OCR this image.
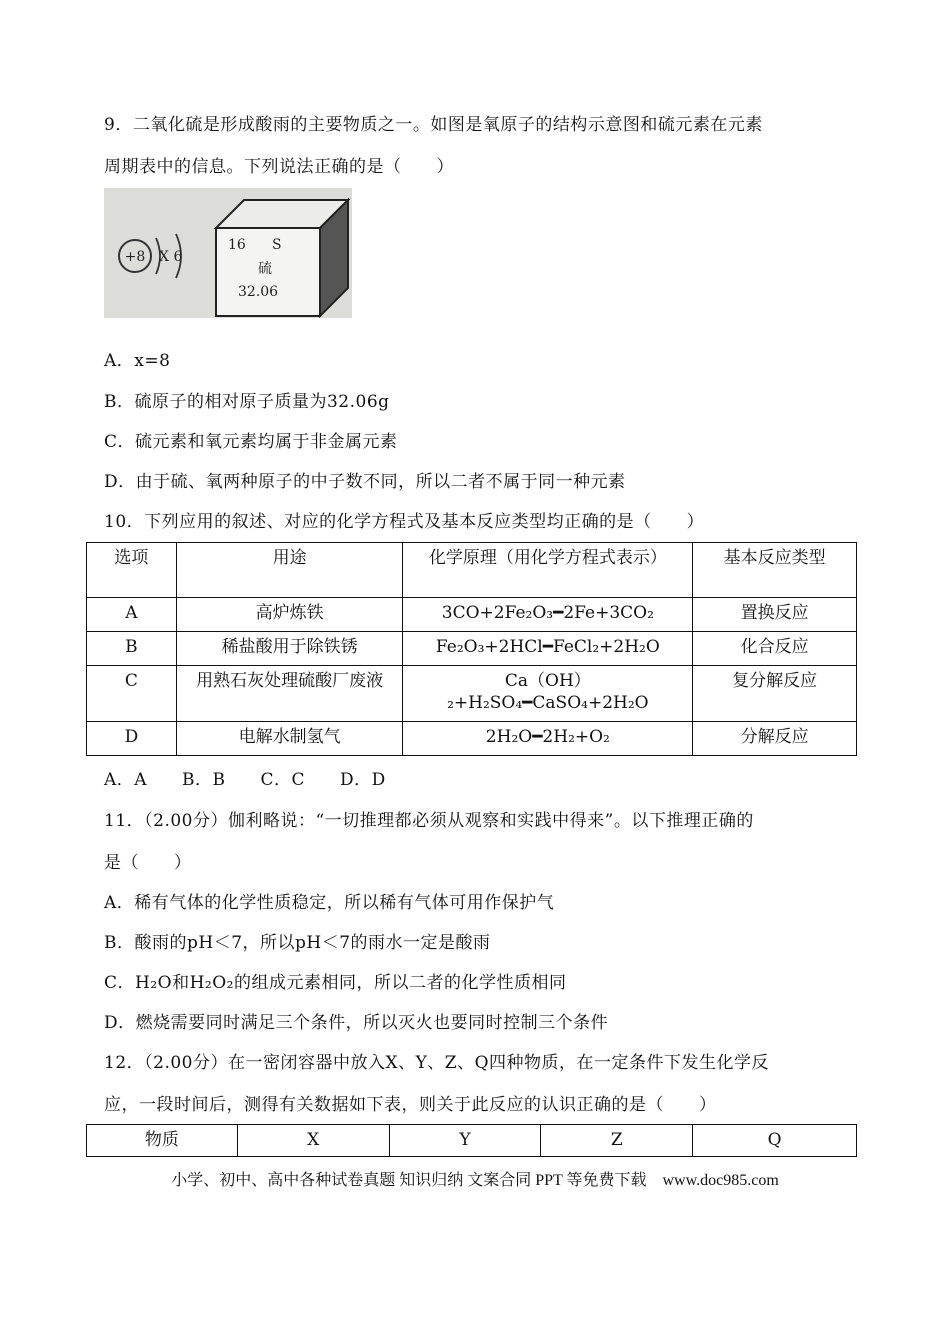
9．二氧化硫是形成酸雨的主要物质之一。如图是氧原子的结构示意图和硫元素在元素
周期表中的信息。下列说法正确的是（　　）
+8 X 6
16 S
硫
32.06
A．x=8
B．硫原子的相对原子质量为32.06g
C．硫元素和氧元素均属于非金属元素
D．由于硫、氧两种原子的中子数不同，所以二者不属于同一种元素
10．下列应用的叙述、对应的化学方程式及基本反应类型均正确的是（　　）
选项	用途	化学原理（用化学方程式表示）	基本反应类型
A	高炉炼铁	3CO+2Fe₂O₃━2Fe+3CO₂	置换反应
B	稀盐酸用于除铁锈	Fe₂O₃+2HCl━FeCl₂+2H₂O	化合反应
C	用熟石灰处理硫酸厂废液	Ca（OH）₂+H₂SO₄━CaSO₄+2H₂O	复分解反应
D	电解水制氢气	2H₂O━2H₂+O₂	分解反应
A．A　　B．B　　C．C　　D．D
11．（2.00分）伽利略说：“一切推理都必须从观察和实践中得来”。以下推理正确的
是（　　）
A．稀有气体的化学性质稳定，所以稀有气体可用作保护气
B．酸雨的pH＜7，所以pH＜7的雨水一定是酸雨
C．H₂O和H₂O₂的组成元素相同，所以二者的化学性质相同
D．燃烧需要同时满足三个条件，所以灭火也要同时控制三个条件
12．（2.00分）在一密闭容器中放入X、Y、Z、Q四种物质，在一定条件下发生化学反
应，一段时间后，测得有关数据如下表，则关于此反应的认识正确的是（　　）
物质	X	Y	Z	Q
小学、初中、高中各种试卷真题 知识归纳 文案合同 PPT 等免费下载　www.doc985.com
